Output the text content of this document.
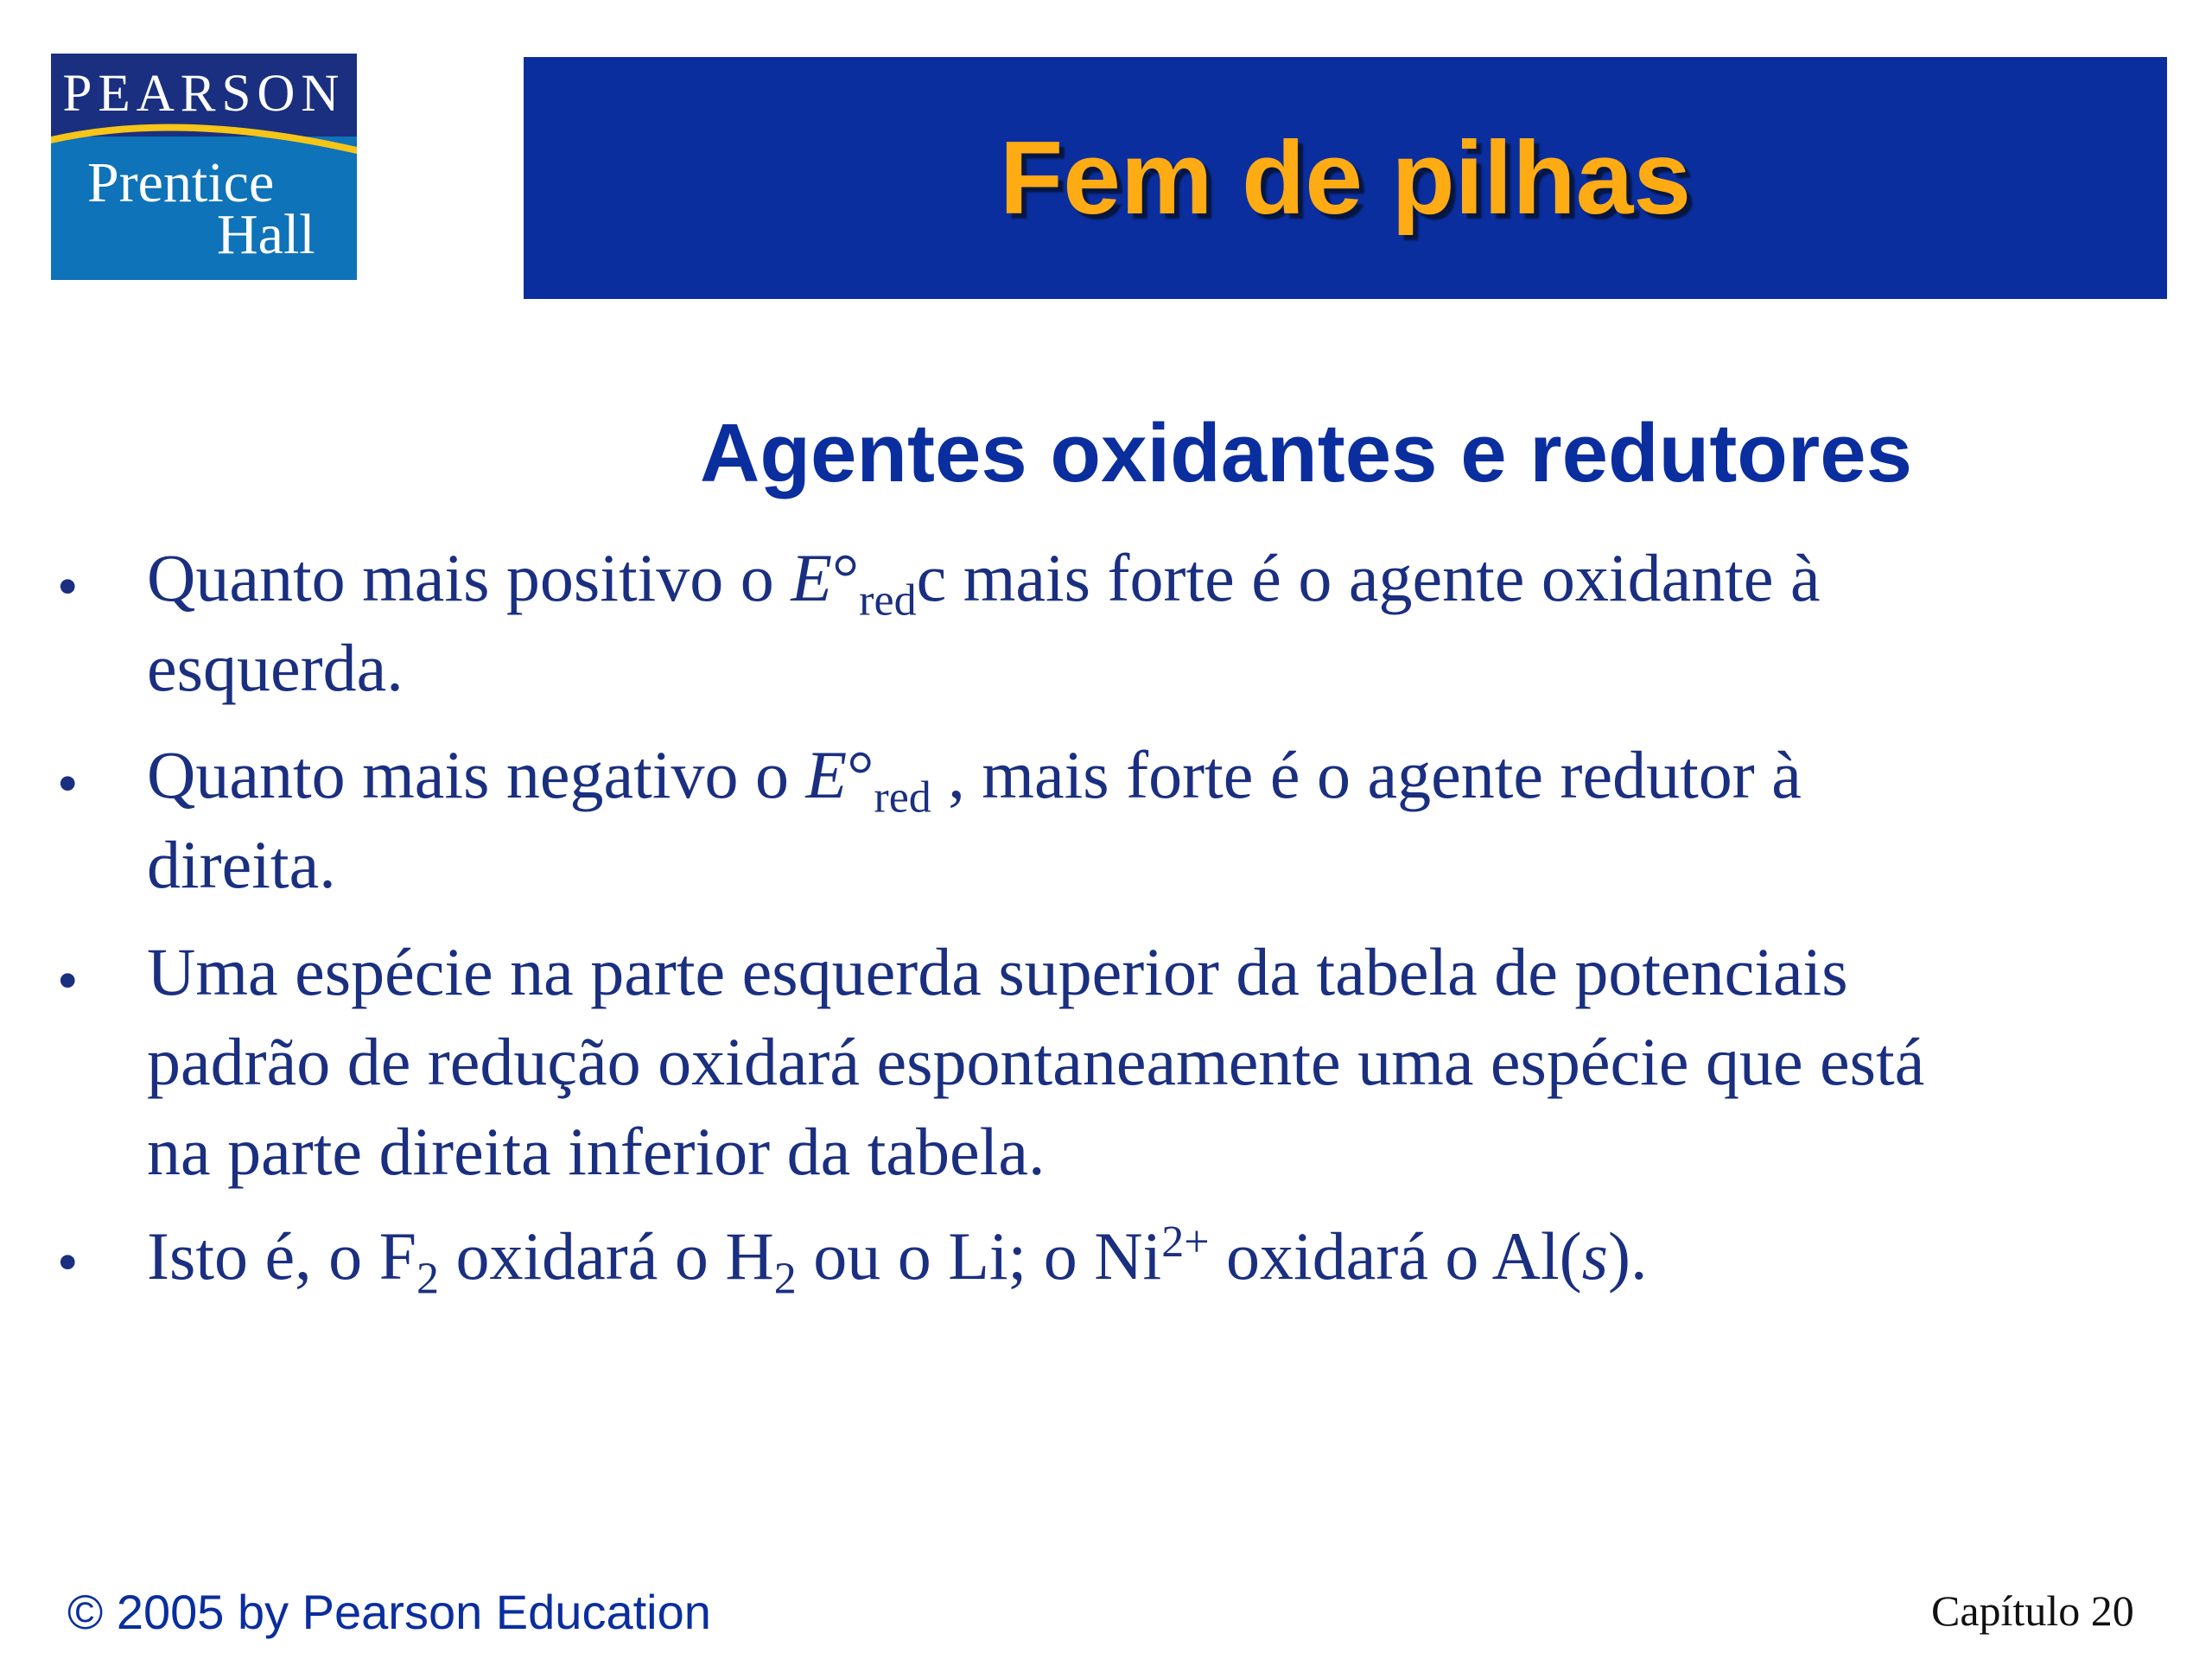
PEARSON
Prentice
Hall	Fem de pilhas
Agentes oxidantes e redutores
• Quanto mais positivo o $E^\circ_{red}c$ mais forte é o agente oxidante à
esquerda.
• Quanto mais negativo o $E^\circ_{red}$ , mais forte é o agente redutor à
direita.
• Uma espécie na parte esquerda superior da tabela de potenciais
padrão de redução oxidará espontaneamente uma espécie que está
na parte direita inferior da tabela.
• Isto é, o $F_2$ oxidará o $H_2$ ou o Li; o $Ni^{2+}$ oxidará o Al(s).
© 2005 by Pearson Education	Capítulo 20
